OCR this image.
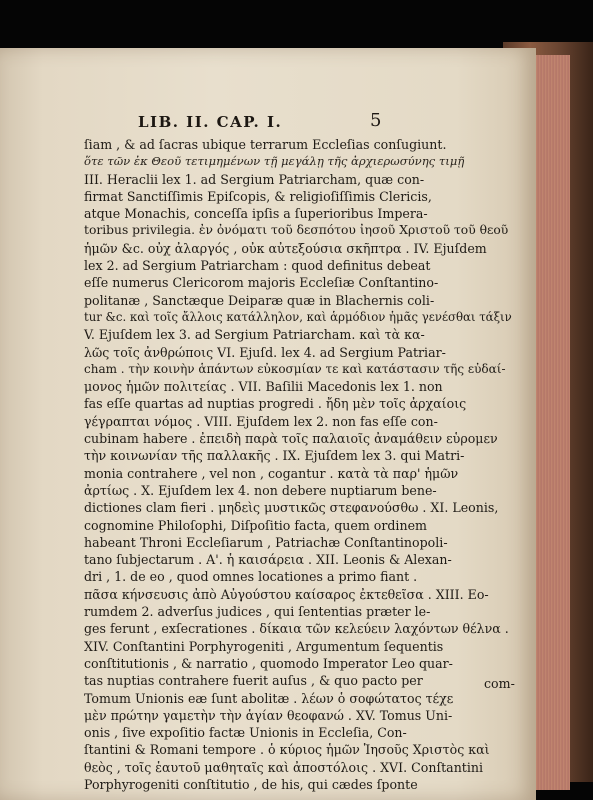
LIB. II. CAP. I.	5
ſiam , & ad ſacras ubique terrarum Eccleſias conſugiunt.
ὅτε τῶν ἐκ Θεοῦ τετιμημένων τῇ μεγάλῃ τῆς ἀρχιερωσύνης τιμῇ
III. Heraclii lex 1. ad Sergium Patriarcham, quæ con-
firmat Sanctiſſimis Epiſcopis, & religioſiſſimis Clericis,
atque Monachis, conceſſa ipſis a ſuperioribus Impera-
toribus privilegia. ἐν ὀνόματι τοῦ δεσπότου ἰησοῦ Χριστοῦ τοῦ θεοῦ
ἡμῶν &c. οὐχ ἀλαργός , οὐκ αὐτεξούσια σκῆπτρα . IV. Ejuſdem
lex 2. ad Sergium Patriarcham : quod definitus debeat
eſſe numerus Clericorom majoris Eccleſiæ Conſtantino-
politanæ , Sanctæque Deiparæ quæ in Blachernis coli-
tur &c. καὶ τοῖς ἄλλοις κατάλληλον, καὶ ἁρμόδιον ἡμᾶς γενέσθαι τάξιν
V. Ejuſdem lex 3. ad Sergium Patriarcham. καὶ τὰ κα-
λῶς τοῖς ἀνθρώποις VI. Ejuſd. lex 4. ad Sergium Patriar-
cham . τὴν κοινὴν ἁπάντων εὐκοσμίαν τε καὶ κατάστασιν τῆς εὐδαί-
μονος ἡμῶν πολιτείας . VII. Baſilii Macedonis lex 1. non
fas eſſe quartas ad nuptias progredi . ἤδη μὲν τοῖς ἀρχαίοις
γέγραπται νόμος . VIII. Ejuſdem lex 2. non fas eſſe con-
cubinam habere . ἐπειδὴ παρὰ τοῖς παλαιοῖς ἀναμάθειν εὑρομεν
τὴν κοινωνίαν τῆς παλλακῆς . IX. Ejuſdem lex 3. qui Matri-
monia contrahere , vel non , cogantur . κατὰ τὰ παρ' ἡμῶν
ἀρτίως . X. Ejuſdem lex 4. non debere nuptiarum bene-
dictiones clam fieri . μηδεὶς μυστικῶς στεφανούσθω . XI. Leonis,
cognomine Philoſophi, Diſpoſitio facta, quem ordinem
habeant Throni Eccleſiarum , Patriachæ Conſtantinopoli-
tano ſubjectarum . Α'. ἡ καισάρεια . XII. Leonis & Alexan-
dri , 1. de eo , quod omnes locationes a primo fiant .
πᾶσα κήνσευσις ἀπὸ Αὐγούστου καίσαρος ἐκτεθεῖσα . XIII. Eo-
rumdem 2. adverſus judices , qui ſententias præter le-
ges ferunt , exſecrationes . δίκαια τῶν κελεύειν λαχόντων θέλνα .
XIV. Conſtantini Porphyrogeniti , Argumentum ſequentis
conſtitutionis , & narratio , quomodo Imperator Leo quar-
tas nuptias contrahere fuerit auſus , & quo pacto per
Tomum Unionis eæ ſunt abolitæ . λέων ὁ σοφώτατος τέχε
μὲν πρώτην γαμετὴν τὴν ἁγίαν θεοφανώ . XV. Tomus Uni-
onis , ſive expoſitio factæ Unionis in Eccleſia, Con-
ſtantini & Romani tempore . ὁ κύριος ἡμῶν Ἰησοῦς Χριστὸς καὶ
θεὸς , τοῖς ἑαυτοῦ μαθηταῖς καὶ ἀποστόλοις . XVI. Conſtantini
Porphyrogeniti conſtitutio , de his, qui cædes ſponte
com-
